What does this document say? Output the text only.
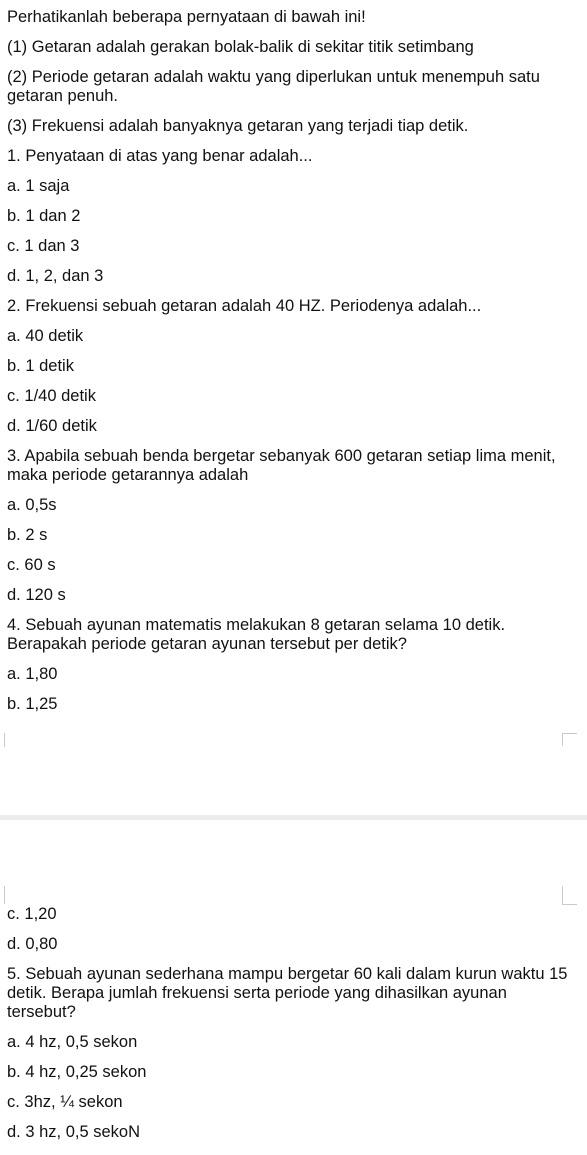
Perhatikanlah beberapa pernyataan di bawah ini!

(1) Getaran adalah gerakan bolak-balik di sekitar titik setimbang

(2) Periode getaran adalah waktu yang diperlukan untuk menempuh satu getaran penuh.

(3) Frekuensi adalah banyaknya getaran yang terjadi tiap detik.

1. Penyataan di atas yang benar adalah...

a. 1 saja

b. 1 dan 2

c. 1 dan 3

d. 1, 2, dan 3

2. Frekuensi sebuah getaran adalah 40 HZ. Periodenya adalah...

a. 40 detik

b. 1 detik

c. 1/40 detik

d. 1/60 detik

3. Apabila sebuah benda bergetar sebanyak 600 getaran setiap lima menit, maka periode getarannya adalah

a. 0,5s

b. 2 s

c. 60 s

d. 120 s

4. Sebuah ayunan matematis melakukan 8 getaran selama 10 detik. Berapakah periode getaran ayunan tersebut per detik?

a. 1,80

b. 1,25

c. 1,20

d. 0,80

5. Sebuah ayunan sederhana mampu bergetar 60 kali dalam kurun waktu 15 detik. Berapa jumlah frekuensi serta periode yang dihasilkan ayunan tersebut?

a. 4 hz, 0,5 sekon

b. 4 hz, 0,25 sekon

c. 3hz, ¼ sekon

d. 3 hz, 0,5 sekoN
